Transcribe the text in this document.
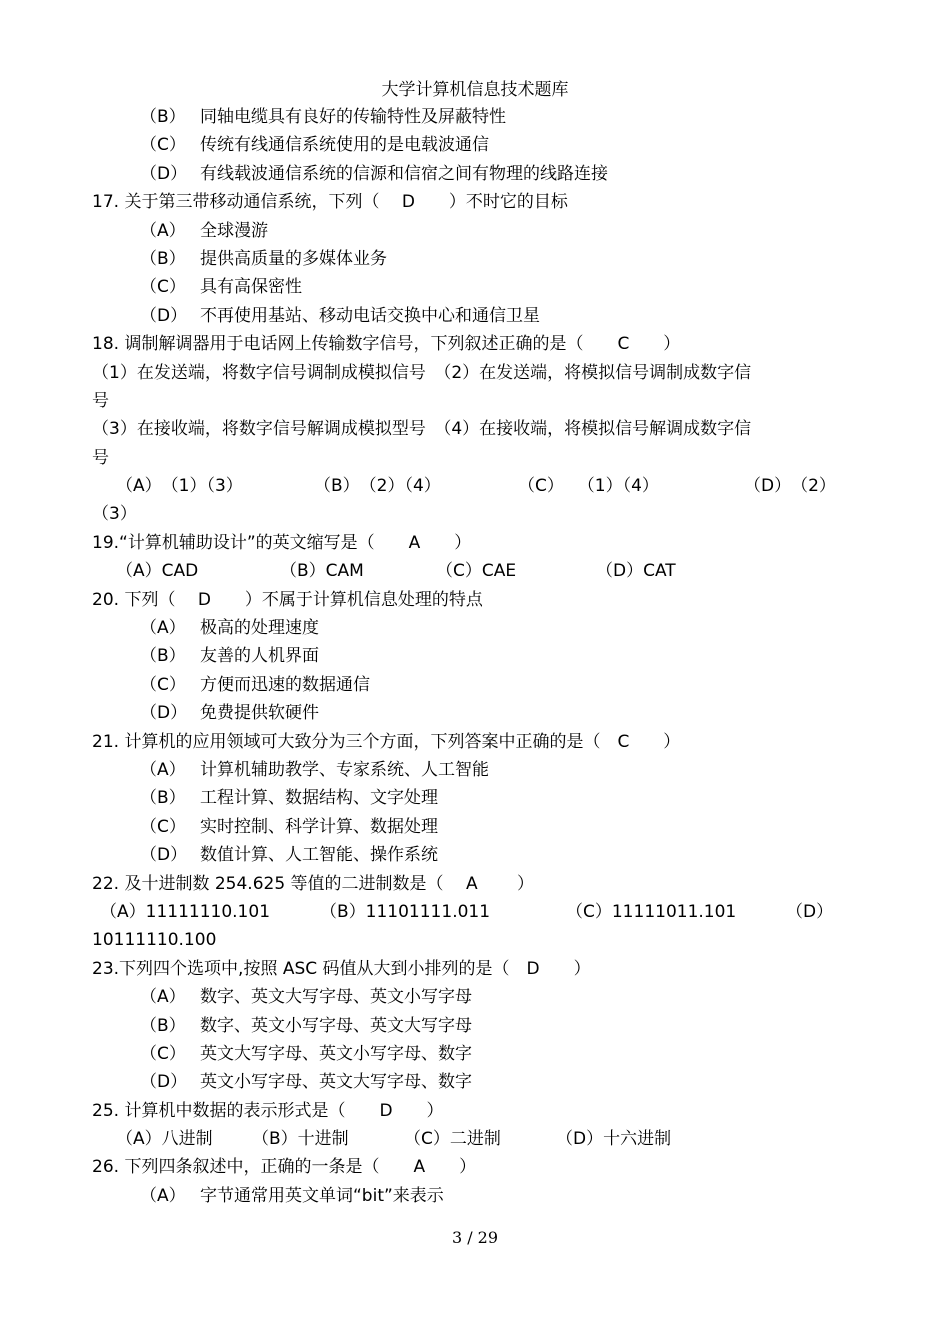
大学计算机信息技术题库
（B） 同轴电缆具有良好的传输特性及屏蔽特性
（C） 传统有线通信系统使用的是电载波通信
（D） 有线载波通信系统的信源和信宿之间有物理的线路连接
17. 关于第三带移动通信系统，下列（　 D　　）不时它的目标
（A） 全球漫游
（B） 提供高质量的多媒体业务
（C） 具有高保密性
（D） 不再使用基站、移动电话交换中心和通信卫星
18. 调制解调器用于电话网上传输数字信号，下列叙述正确的是（　　C　　）
（1）在发送端，将数字信号调制成模拟信号　（2）在发送端，将模拟信号调制成数字信
号
（3）在接收端，将数字信号解调成模拟型号　（4）在接收端，将模拟信号解调成数字信
号
（A）　（1）（3）	（B）　（2）（4）	（C）　 （1）（4）	（D）　（2）
（3）
19.“计算机辅助设计”的英文缩写是（　　A　　）
（A）CAD	（B）CAM	（C）CAE	（D）CAT
20. 下列（　 D　　）不属于计算机信息处理的特点
（A） 极高的处理速度
（B） 友善的人机界面
（C） 方便而迅速的数据通信
（D） 免费提供软硬件
21. 计算机的应用领域可大致分为三个方面，下列答案中正确的是（　C　　）
（A） 计算机辅助教学、专家系统、人工智能
（B） 工程计算、数据结构、文字处理
（C） 实时控制、科学计算、数据处理
（D） 数值计算、人工智能、操作系统
22. 及十进制数 254.625 等值的二进制数是（　 A　　 ）
（A）11111110.101	（B）11101111.011	（C）11111011.101	（D）
10111110.100
23.下列四个选项中,按照 ASC 码值从大到小排列的是（　D　　）
（A） 数字、英文大写字母、英文小写字母
（B） 数字、英文小写字母、英文大写字母
（C） 英文大写字母、英文小写字母、数字
（D） 英文小写字母、英文大写字母、数字
25. 计算机中数据的表示形式是（　　D　　）
（A）八进制 （B）十进制	（C）二进制	（D）十六进制
26. 下列四条叙述中，正确的一条是（　　A　　）
（A） 字节通常用英文单词“bit”来表示
3 / 29
